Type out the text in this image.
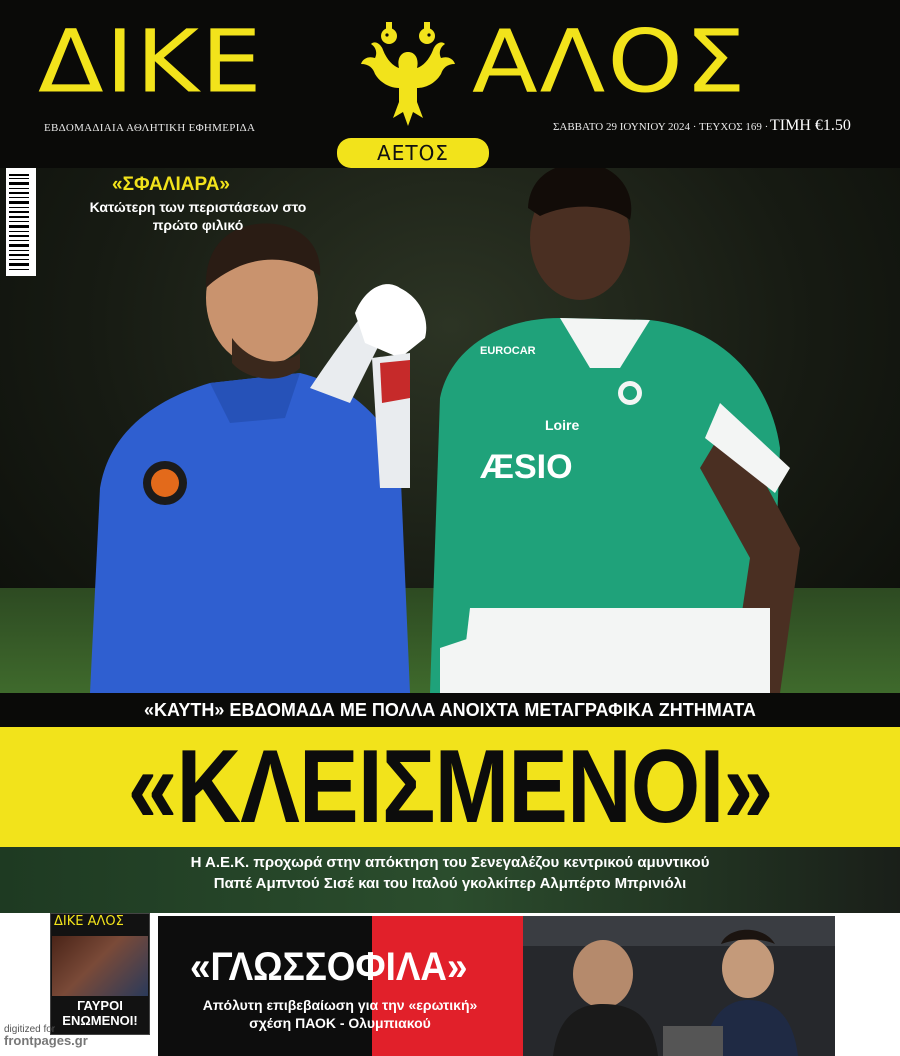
ΔΙΚΕ ΑΛΟΣ
ΕΒΔΟΜΑΔΙΑΙΑ ΑΘΛΗΤΙΚΗ ΕΦΗΜΕΡΙΔΑ	ΣΑΒΒΑΤΟ 29 ΙΟΥΝΙΟΥ 2024 · ΤΕΥΧΟΣ 169 · ΤΙΜΗ €1.50
ΑΕΤΟΣ
ÆSIO
Loire
EUROCAR
«ΣΦΑΛΙΑΡΑ»
Κατώτερη των περιστάσεων στο πρώτο φιλικό
«ΚΑΥΤΗ» ΕΒΔΟΜΑΔΑ ΜΕ ΠΟΛΛΑ ΑΝΟΙΧΤΑ ΜΕΤΑΓΡΑΦΙΚΑ ΖΗΤΗΜΑΤΑ
«ΚΛΕΙΣΜΕΝΟΙ»
Η Α.Ε.Κ. προχωρά στην απόκτηση του Σενεγαλέζου κεντρικού αμυντικού
Παπέ Αμπντού Σισέ και του Ιταλού γκολκίπερ Αλμπέρτο Μπρινιόλι
ΔΙΚΕ ΑΛΟΣ
ΓΑΥΡΟΙ ΕΝΩΜΕΝΟΙ!
«ΓΛΩΣΣΟΦΙΛΑ»
Απόλυτη επιβεβαίωση για την «ερωτική»
σχέση ΠΑΟΚ - Ολυμπιακού
digitized for
frontpages.gr
